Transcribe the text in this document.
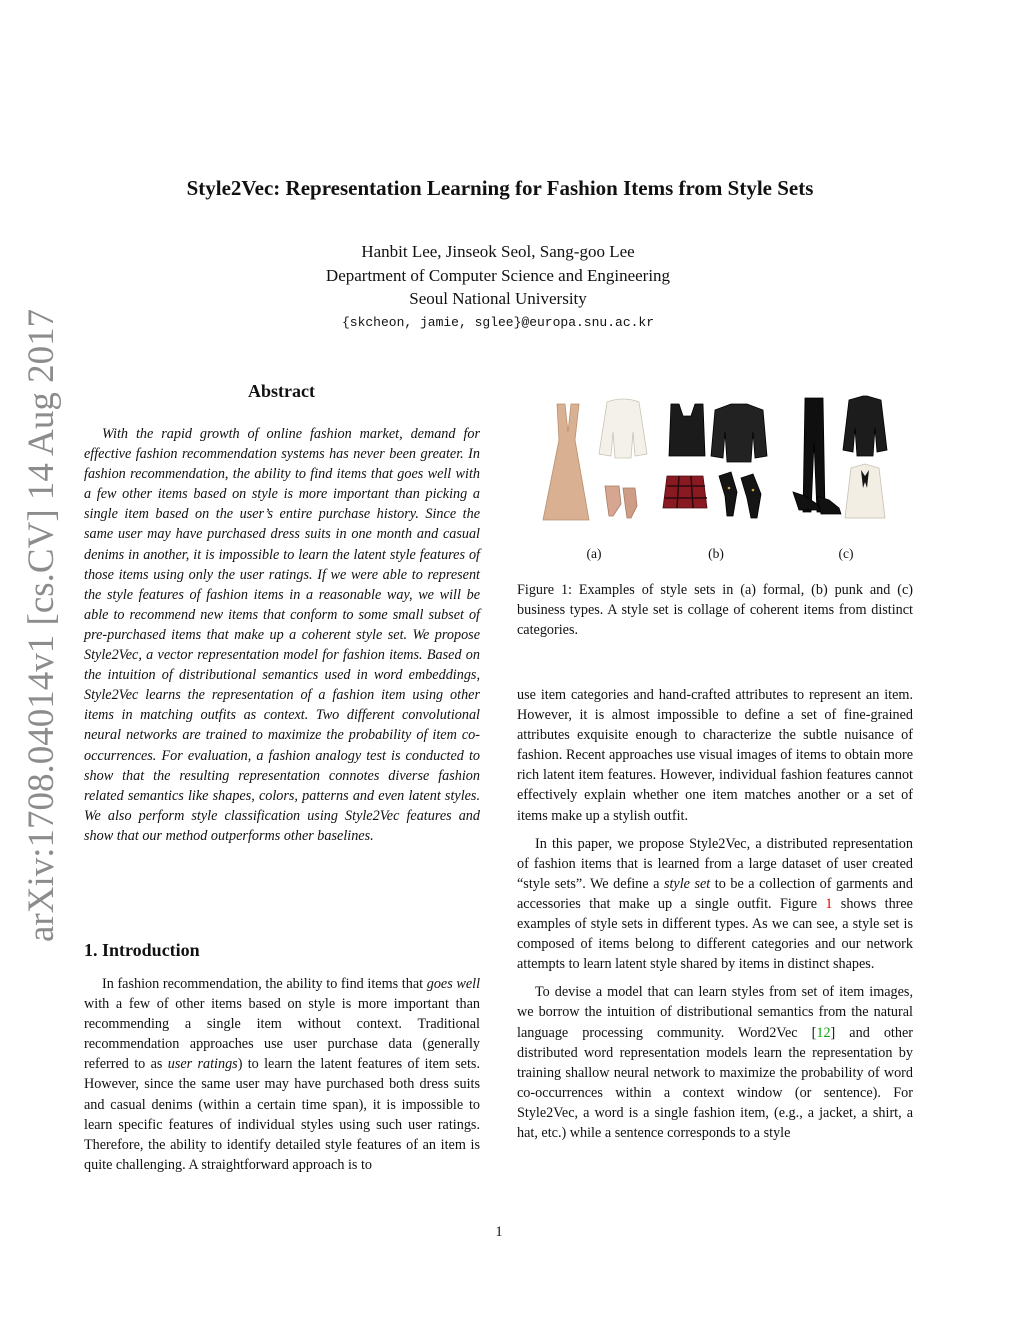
arXiv:1708.04014v1 [cs.CV] 14 Aug 2017
Style2Vec: Representation Learning for Fashion Items from Style Sets
Hanbit Lee, Jinseok Seol, Sang-goo Lee
Department of Computer Science and Engineering
Seoul National University
{skcheon, jamie, sglee}@europa.snu.ac.kr
Abstract

With the rapid growth of online fashion market, demand for effective fashion recommendation systems has never been greater. In fashion recommendation, the ability to find items that goes well with a few other items based on style is more important than picking a single item based on the user’s entire purchase history. Since the same user may have purchased dress suits in one month and casual denims in another, it is impossible to learn the latent style features of those items using only the user ratings. If we were able to represent the style features of fashion items in a reasonable way, we will be able to recommend new items that conform to some small subset of pre-purchased items that make up a coherent style set. We propose Style2Vec, a vector representation model for fashion items. Based on the intuition of distributional semantics used in word embeddings, Style2Vec learns the representation of a fashion item using other items in matching outfits as context. Two different convolutional neural networks are trained to maximize the probability of item co-occurrences. For evaluation, a fashion analogy test is conducted to show that the resulting representation connotes diverse fashion related semantics like shapes, colors, patterns and even latent styles. We also perform style classification using Style2Vec features and show that our method outperforms other baselines.

1. Introduction

In fashion recommendation, the ability to find items that goes well with a few of other items based on style is more important than recommending a single item without context. Traditional recommendation approaches use user purchase data (generally referred to as user ratings) to learn the latent features of item sets. However, since the same user may have purchased both dress suits and casual denims (within a certain time span), it is impossible to learn specific features of individual styles using such user ratings. Therefore, the ability to identify detailed style features of an item is quite challenging. A straightforward approach is to

(a)	(b)	(c)
Figure 1: Examples of style sets in (a) formal, (b) punk and (c) business types. A style set is collage of coherent items from distinct categories.

use item categories and hand-crafted attributes to represent an item. However, it is almost impossible to define a set of fine-grained attributes exquisite enough to characterize the subtle nuisance of fashion. Recent approaches use visual images of items to obtain more rich latent item features. However, individual fashion features cannot effectively explain whether one item matches another or a set of items make up a stylish outfit.

In this paper, we propose Style2Vec, a distributed representation of fashion items that is learned from a large dataset of user created “style sets”. We define a style set to be a collection of garments and accessories that make up a single outfit. Figure 1 shows three examples of style sets in different types. As we can see, a style set is composed of items belong to different categories and our network attempts to learn latent style shared by items in distinct shapes.

To devise a model that can learn styles from set of item images, we borrow the intuition of distributional semantics from the natural language processing community. Word2Vec [12] and other distributed word representation models learn the representation by training shallow neural network to maximize the probability of word co-occurrences within a context window (or sentence). For Style2Vec, a word is a single fashion item, (e.g., a jacket, a shirt, a hat, etc.) while a sentence corresponds to a style

1
